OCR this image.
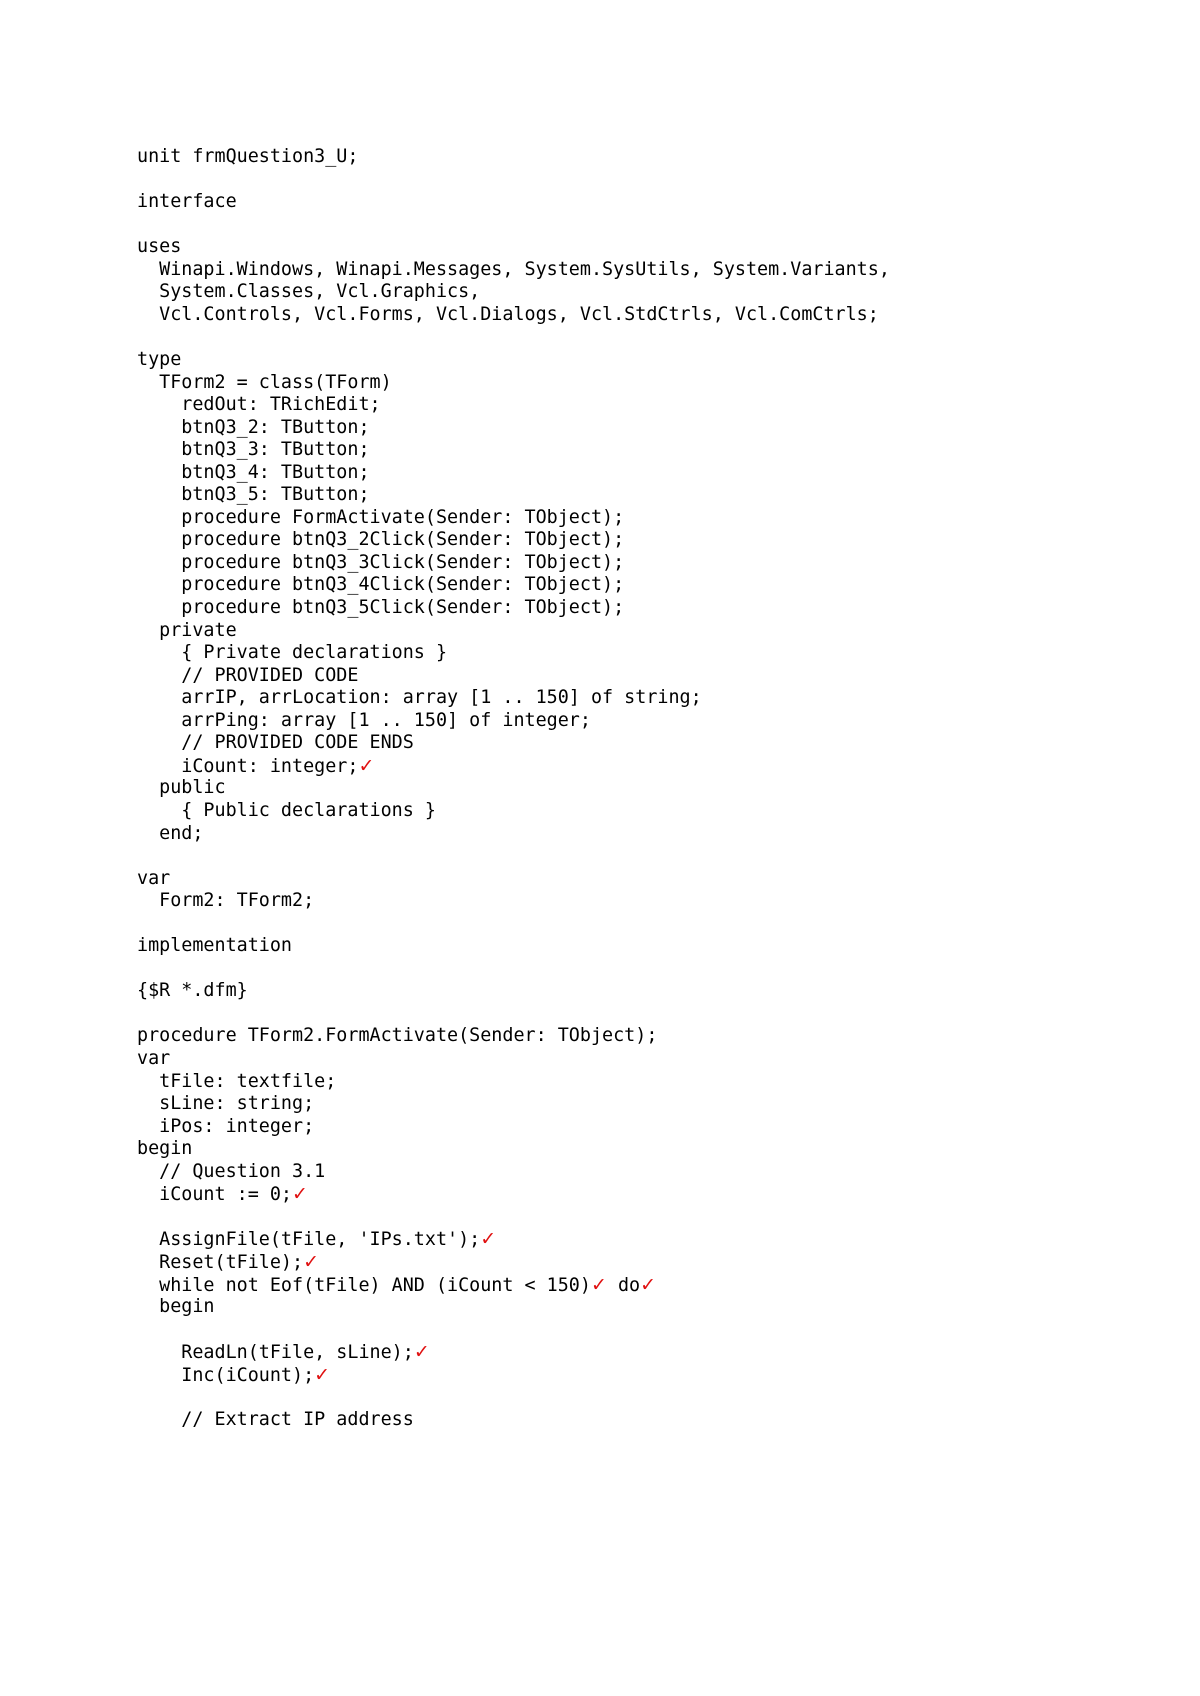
unit frmQuestion3_U;
interface
uses
Winapi.Windows, Winapi.Messages, System.SysUtils, System.Variants,
System.Classes, Vcl.Graphics,
Vcl.Controls, Vcl.Forms, Vcl.Dialogs, Vcl.StdCtrls, Vcl.ComCtrls;
type
TForm2 = class(TForm)
redOut: TRichEdit;
btnQ3_2: TButton;
btnQ3_3: TButton;
btnQ3_4: TButton;
btnQ3_5: TButton;
procedure FormActivate(Sender: TObject);
procedure btnQ3_2Click(Sender: TObject);
procedure btnQ3_3Click(Sender: TObject);
procedure btnQ3_4Click(Sender: TObject);
procedure btnQ3_5Click(Sender: TObject);
private
{ Private declarations }
// PROVIDED CODE
arrIP, arrLocation: array [1 .. 150] of string;
arrPing: array [1 .. 150] of integer;
// PROVIDED CODE ENDS
iCount: integer;✓
public
{ Public declarations }
end;
var
Form2: TForm2;
implementation
{$R *.dfm}
procedure TForm2.FormActivate(Sender: TObject);
var
tFile: textfile;
sLine: string;
iPos: integer;
begin
// Question 3.1
iCount := 0;✓
AssignFile(tFile, 'IPs.txt');✓
Reset(tFile);✓
while not Eof(tFile) AND (iCount < 150)✓ do✓
begin
ReadLn(tFile, sLine);✓
Inc(iCount);✓
// Extract IP address
